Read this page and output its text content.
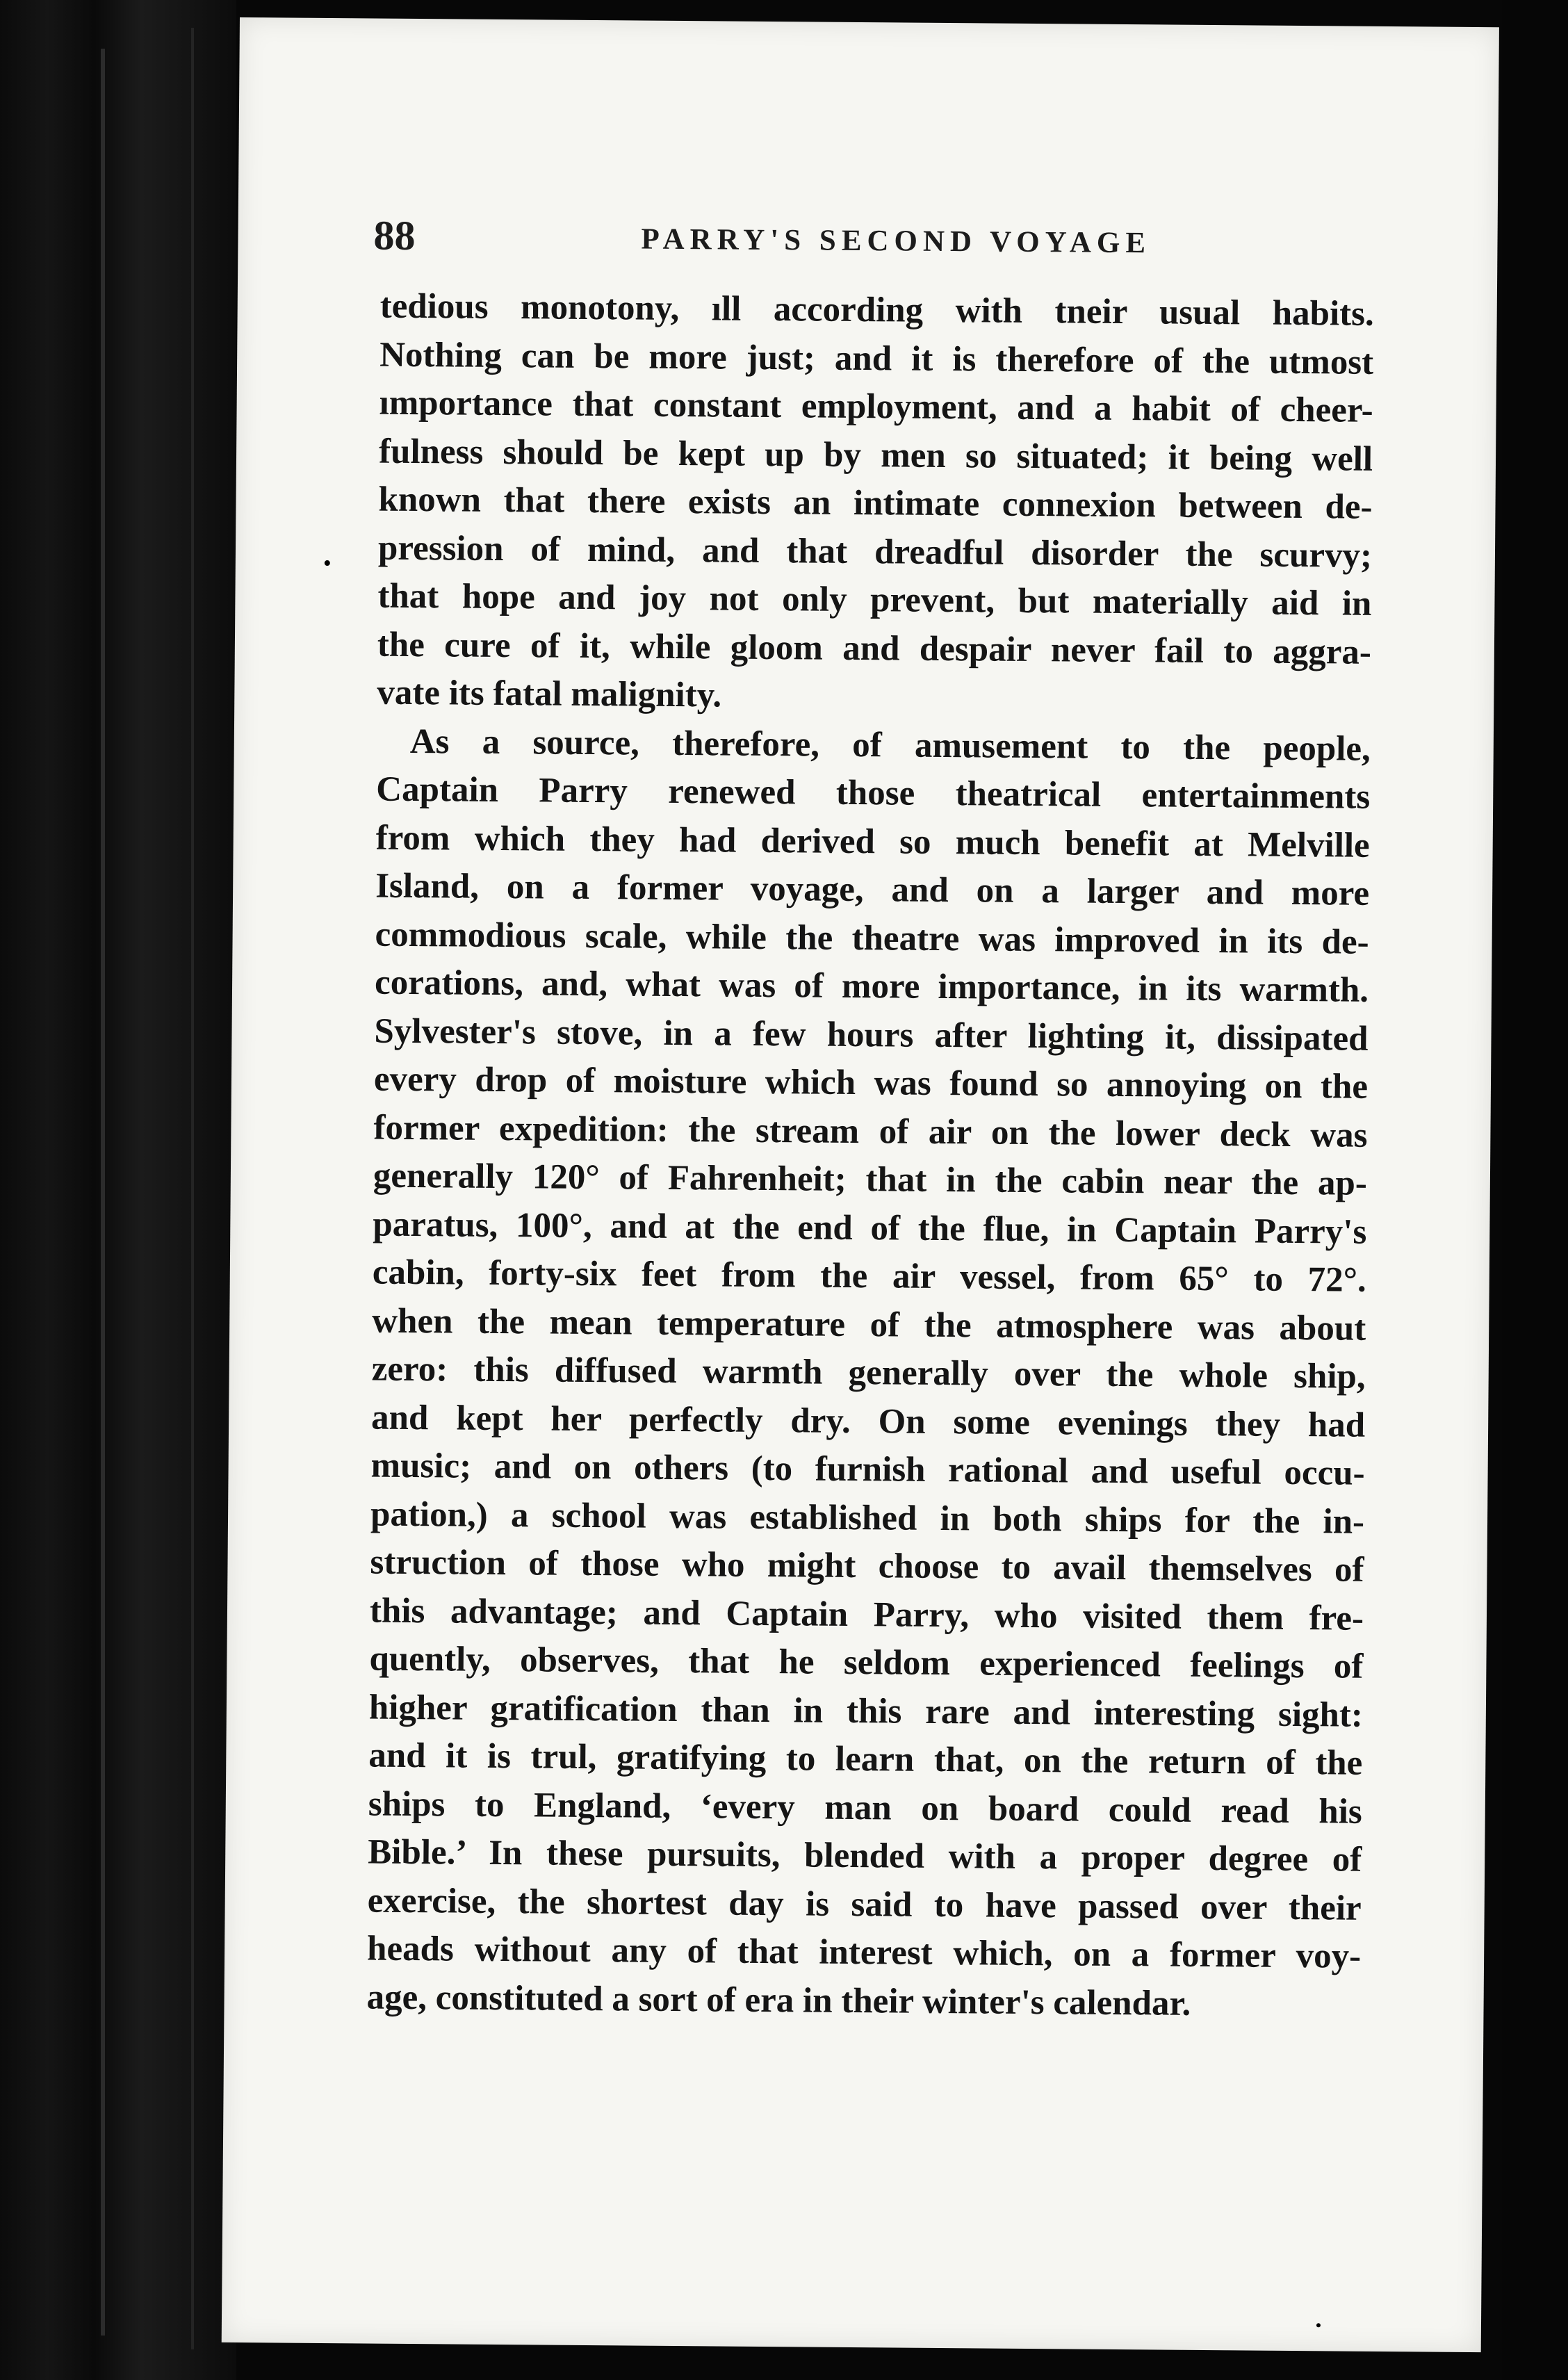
88	PARRY'S SECOND VOYAGE

tedious monotony, ıll according with tneir usual habits.

Nothing can be more just; and it is therefore of the utmost

ımportance that constant employment, and a habit of cheer-

fulness should be kept up by men so situated; it being well

known that there exists an intimate connexion between de-

pression of mind, and that dreadful disorder the scurvy;

that hope and joy not only prevent, but materially aid in

the cure of it, while gloom and despair never fail to aggra-

vate its fatal malignity.

As a source, therefore, of amusement to the people,

Captain Parry renewed those theatrical entertainments

from which they had derived so much benefit at Melville

Island, on a former voyage, and on a larger and more

commodious scale, while the theatre was improved in its de-

corations, and, what was of more importance, in its warmth.

Sylvester's stove, in a few hours after lighting it, dissipated

every drop of moisture which was found so annoying on the

former expedition: the stream of air on the lower deck was

generally 120° of Fahrenheit; that in the cabin near the ap-

paratus, 100°, and at the end of the flue, in Captain Parry's

cabin, forty-six feet from the air vessel, from 65° to 72°.

when the mean temperature of the atmosphere was about

zero: this diffused warmth generally over the whole ship,

and kept her perfectly dry. On some evenings they had

music; and on others (to furnish rational and useful occu-

pation,) a school was established in both ships for the in-

struction of those who might choose to avail themselves of

this advantage; and Captain Parry, who visited them fre-

quently, observes, that he seldom experienced feelings of

higher gratification than in this rare and interesting sight:

and it is trul, gratifying to learn that, on the return of the

ships to England, ‘every man on board could read his

Bible.’ In these pursuits, blended with a proper degree of

exercise, the shortest day is said to have passed over their

heads without any of that interest which, on a former voy-

age, constituted a sort of era in their winter's calendar.
